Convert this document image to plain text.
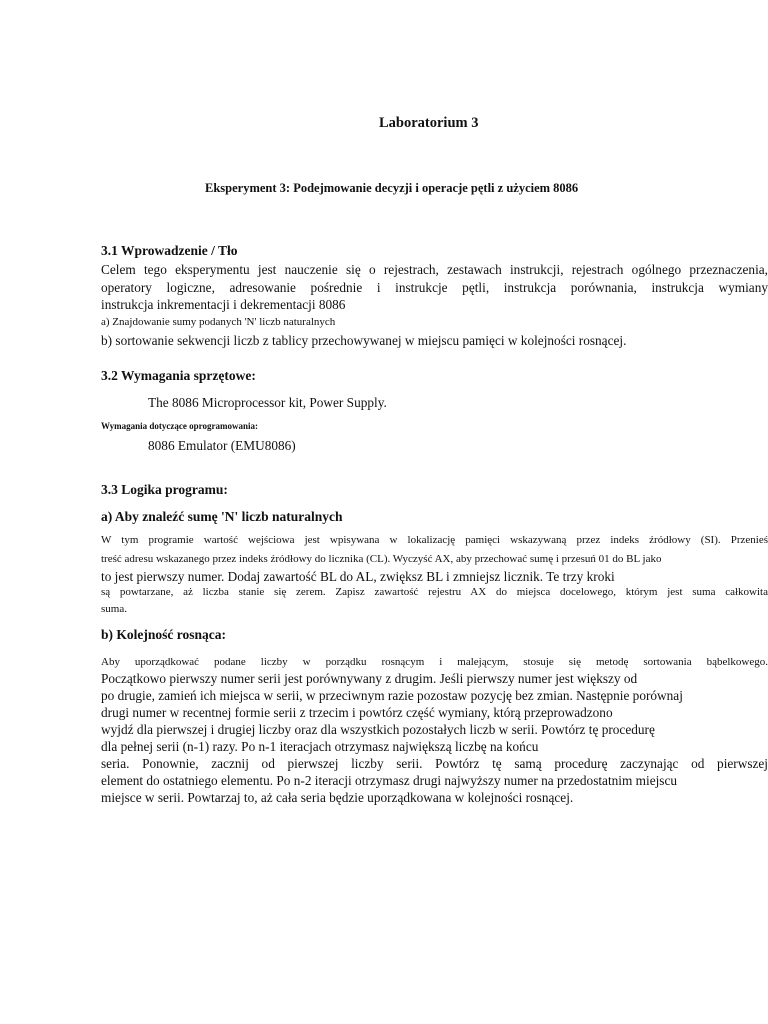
Laboratorium 3
Eksperyment 3: Podejmowanie decyzji i operacje pętli z użyciem 8086
3.1 Wprowadzenie / Tło
Celem tego eksperymentu jest nauczenie się o rejestrach, zestawach instrukcji, rejestrach ogólnego przeznaczenia,
operatory logiczne, adresowanie pośrednie i instrukcje pętli, instrukcja porównania, instrukcja wymiany
instrukcja inkrementacji i dekrementacji 8086
a) Znajdowanie sumy podanych 'N' liczb naturalnych
b) sortowanie sekwencji liczb z tablicy przechowywanej w miejscu pamięci w kolejności rosnącej.
3.2 Wymagania sprzętowe:
The 8086 Microprocessor kit, Power Supply.
Wymagania dotyczące oprogramowania:
8086 Emulator (EMU8086)
3.3 Logika programu:
a) Aby znaleźć sumę 'N' liczb naturalnych
W tym programie wartość wejściowa jest wpisywana w lokalizację pamięci wskazywaną przez indeks źródłowy (SI). Przenieś
treść adresu wskazanego przez indeks źródłowy do licznika (CL). Wyczyść AX, aby przechować sumę i przesuń 01 do BL jako
to jest pierwszy numer. Dodaj zawartość BL do AL, zwiększ BL i zmniejsz licznik. Te trzy kroki
są powtarzane, aż liczba stanie się zerem. Zapisz zawartość rejestru AX do miejsca docelowego, którym jest suma całkowita
suma.
b) Kolejność rosnąca:
Aby uporządkować podane liczby w porządku rosnącym i malejącym, stosuje się metodę sortowania bąbelkowego.
Początkowo pierwszy numer serii jest porównywany z drugim. Jeśli pierwszy numer jest większy od
po drugie, zamień ich miejsca w serii, w przeciwnym razie pozostaw pozycję bez zmian. Następnie porównaj
drugi numer w recentnej formie serii z trzecim i powtórz część wymiany, którą przeprowadzono
wyjdź dla pierwszej i drugiej liczby oraz dla wszystkich pozostałych liczb w serii. Powtórz tę procedurę
dla pełnej serii (n-1) razy. Po n-1 iteracjach otrzymasz największą liczbę na końcu
seria. Ponownie, zacznij od pierwszej liczby serii. Powtórz tę samą procedurę zaczynając od pierwszej
element do ostatniego elementu. Po n-2 iteracji otrzymasz drugi najwyższy numer na przedostatnim miejscu
miejsce w serii. Powtarzaj to, aż cała seria będzie uporządkowana w kolejności rosnącej.
